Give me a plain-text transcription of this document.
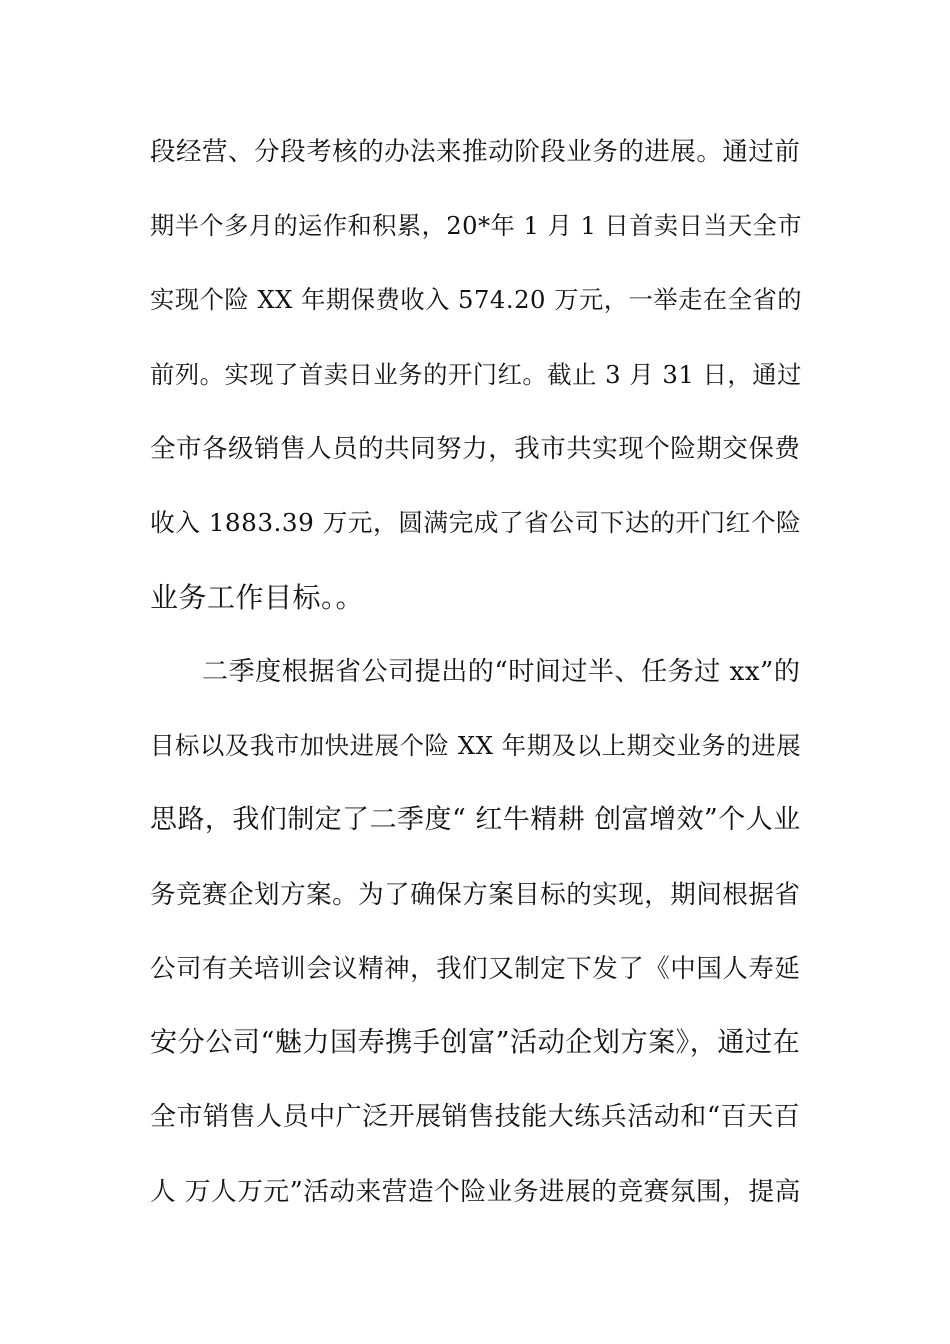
段经营、分段考核的办法来推动阶段业务的进展。通过前
期半个多月的运作和积累，20*年 1 月 1 日首卖日当天全市
实现个险 XX 年期保费收入 574.20 万元，一举走在全省的
前列。实现了首卖日业务的开门红。截止 3 月 31 日，通过
全市各级销售人员的共同努力，我市共实现个险期交保费
收入 1883.39 万元，圆满完成了省公司下达的开门红个险
业务工作目标。。
二季度根据省公司提出的“时间过半、任务过 xx”的
目标以及我市加快进展个险 XX 年期及以上期交业务的进展
思路，我们制定了二季度“ 红牛精耕 创富增效”个人业
务竞赛企划方案。为了确保方案目标的实现，期间根据省
公司有关培训会议精神，我们又制定下发了《中国人寿延
安分公司“魅力国寿携手创富”活动企划方案》，通过在
全市销售人员中广泛开展销售技能大练兵活动和“百天百
人 万人万元”活动来营造个险业务进展的竞赛氛围，提高
